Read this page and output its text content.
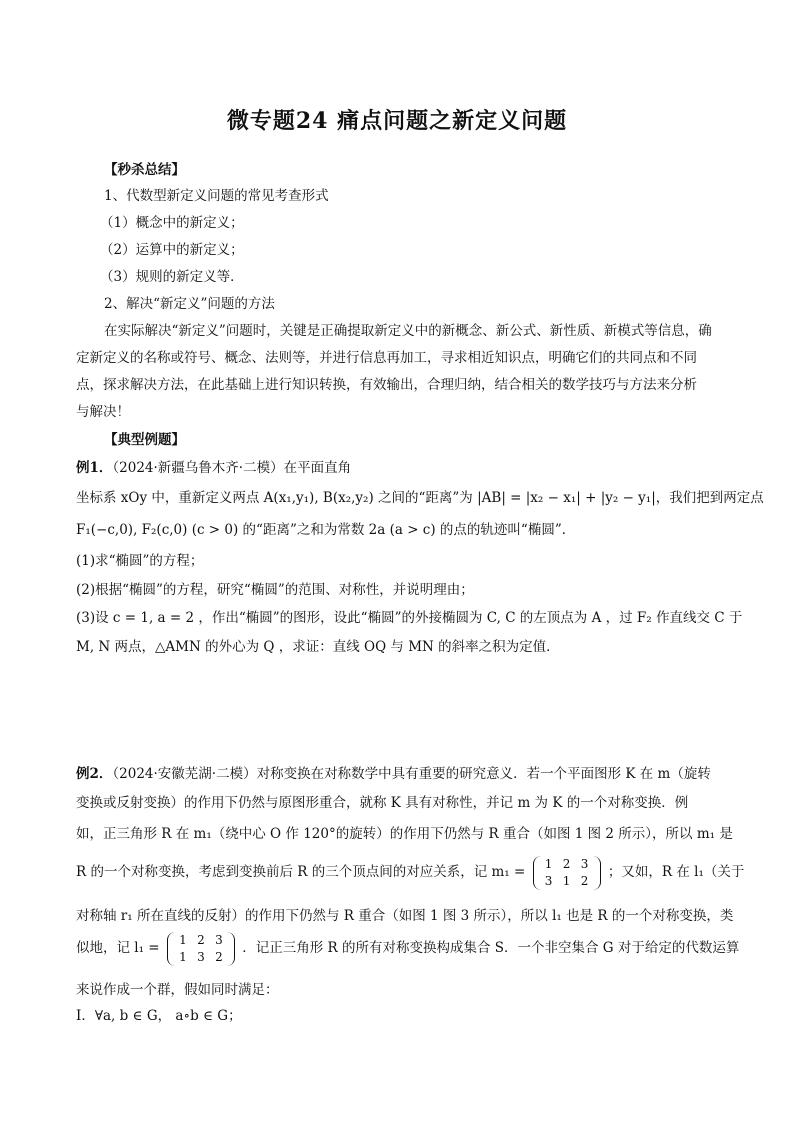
微专题24 痛点问题之新定义问题
【秒杀总结】
1、代数型新定义问题的常见考查形式
（1）概念中的新定义；
（2）运算中的新定义；
（3）规则的新定义等．
2、解决“新定义”问题的方法
在实际解决“新定义”问题时，关键是正确提取新定义中的新概念、新公式、新性质、新模式等信息，确
定新定义的名称或符号、概念、法则等，并进行信息再加工，寻求相近知识点，明确它们的共同点和不同
点，探求解决方法，在此基础上进行知识转换，有效输出，合理归纳，结合相关的数学技巧与方法来分析
与解决！
【典型例题】
例1．（2024·新疆乌鲁木齐·二模）在平面直角
坐标系 xOy 中，重新定义两点 A(x₁,y₁), B(x₂,y₂) 之间的“距离”为 |AB| = |x₂ − x₁| + |y₂ − y₁|，我们把到两定点
F₁(−c,0), F₂(c,0) (c > 0) 的“距离”之和为常数 2a (a > c) 的点的轨迹叫“椭圆”．
(1)求“椭圆”的方程；
(2)根据“椭圆”的方程，研究“椭圆”的范围、对称性，并说明理由；
(3)设 c = 1, a = 2 ，作出“椭圆”的图形，设此“椭圆”的外接椭圆为 C, C 的左顶点为 A ，过 F₂ 作直线交 C 于
M, N 两点，△AMN 的外心为 Q ，求证：直线 OQ 与 MN 的斜率之积为定值．
例2．（2024·安徽芜湖·二模）对称变换在对称数学中具有重要的研究意义．若一个平面图形 K 在 m（旋转
变换或反射变换）的作用下仍然与原图形重合，就称 K 具有对称性，并记 m 为 K 的一个对称变换．例
如，正三角形 R 在 m₁（绕中心 O 作 120°的旋转）的作用下仍然与 R 重合（如图 1 图 2 所示），所以 m₁ 是
R 的一个对称变换，考虑到变换前后 R 的三个顶点间的对应关系，记 m₁ = 1 2 3
3 1 2 ；又如，R 在 l₁（关于
对称轴 r₁ 所在直线的反射）的作用下仍然与 R 重合（如图 1 图 3 所示），所以 l₁ 也是 R 的一个对称变换，类
似地，记 l₁ = 1 2 3
1 3 2 ．记正三角形 R 的所有对称变换构成集合 S．一个非空集合 G 对于给定的代数运算
来说作成一个群，假如同时满足：
I．∀a, b ∈ G， a∘b ∈ G；
